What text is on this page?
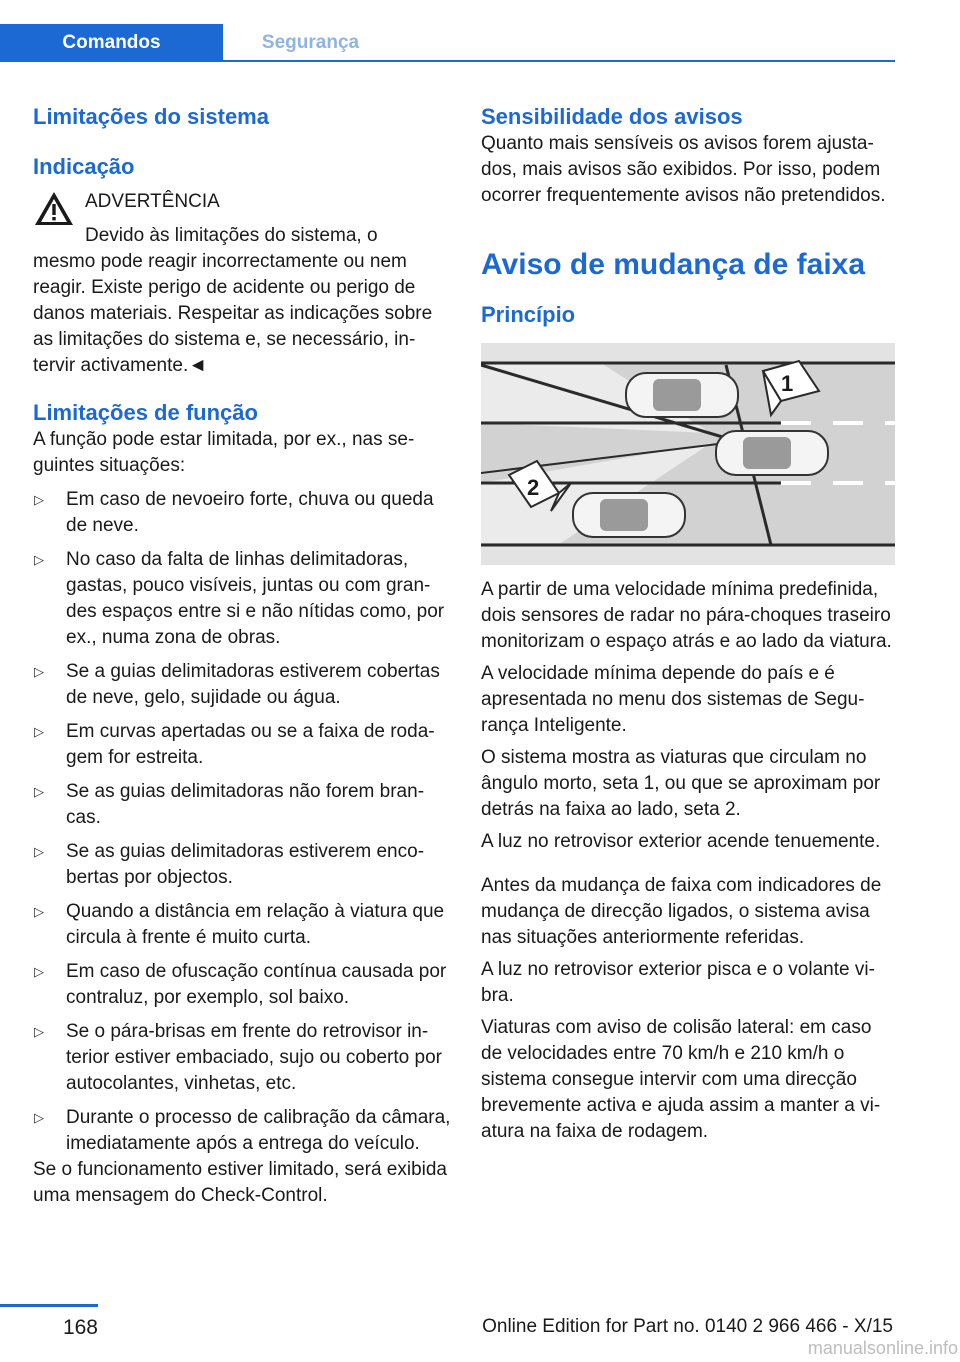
Comandos	Segurança
Limitações do sistema
Indicação

ADVERTÊNCIA

Devido às limitações do sistema, o

mesmo pode reagir incorrectamente ou nem reagir. Existe perigo de acidente ou perigo de danos materiais. Respeitar as indicações sobre as limitações do sistema e, se necessário, intervir activamente.◄

Limitações de função

A função pode estar limitada, por ex., nas seguintes situações:

▷ Em caso de nevoeiro forte, chuva ou queda de neve.
▷ No caso da falta de linhas delimitadoras, gastas, pouco visíveis, juntas ou com grandes espaços entre si e não nítidas como, por ex., numa zona de obras.
▷ Se a guias delimitadoras estiverem cobertas de neve, gelo, sujidade ou água.
▷ Em curvas apertadas ou se a faixa de rodagem for estreita.
▷ Se as guias delimitadoras não forem brancas.
▷ Se as guias delimitadoras estiverem encobertas por objectos.
▷ Quando a distância em relação à viatura que circula à frente é muito curta.
▷ Em caso de ofuscação contínua causada por contraluz, por exemplo, sol baixo.
▷ Se o pára-brisas em frente do retrovisor interior estiver embaciado, sujo ou coberto por autocolantes, vinhetas, etc.
▷ Durante o processo de calibração da câmara, imediatamente após a entrega do veículo.

Se o funcionamento estiver limitado, será exibida uma mensagem do Check-Control.

Sensibilidade dos avisos

Quanto mais sensíveis os avisos forem ajustados, mais avisos são exibidos. Por isso, podem ocorrer frequentemente avisos não pretendidos.

Aviso de mudança de faixa
Princípio
1
2

A partir de uma velocidade mínima predefinida, dois sensores de radar no pára-choques traseiro monitorizam o espaço atrás e ao lado da viatura.

A velocidade mínima depende do país e é apresentada no menu dos sistemas de Segurança Inteligente.

O sistema mostra as viaturas que circulam no ângulo morto, seta 1, ou que se aproximam por detrás na faixa ao lado, seta 2.

A luz no retrovisor exterior acende tenuemente.

Antes da mudança de faixa com indicadores de mudança de direcção ligados, o sistema avisa nas situações anteriormente referidas.

A luz no retrovisor exterior pisca e o volante vibra.

Viaturas com aviso de colisão lateral: em caso de velocidades entre 70 km/h e 210 km/h o sistema consegue intervir com uma direcção brevemente activa e ajuda assim a manter a viatura na faixa de rodagem.

168	Online Edition for Part no. 0140 2 966 466 - X/15
manualsonline.info
